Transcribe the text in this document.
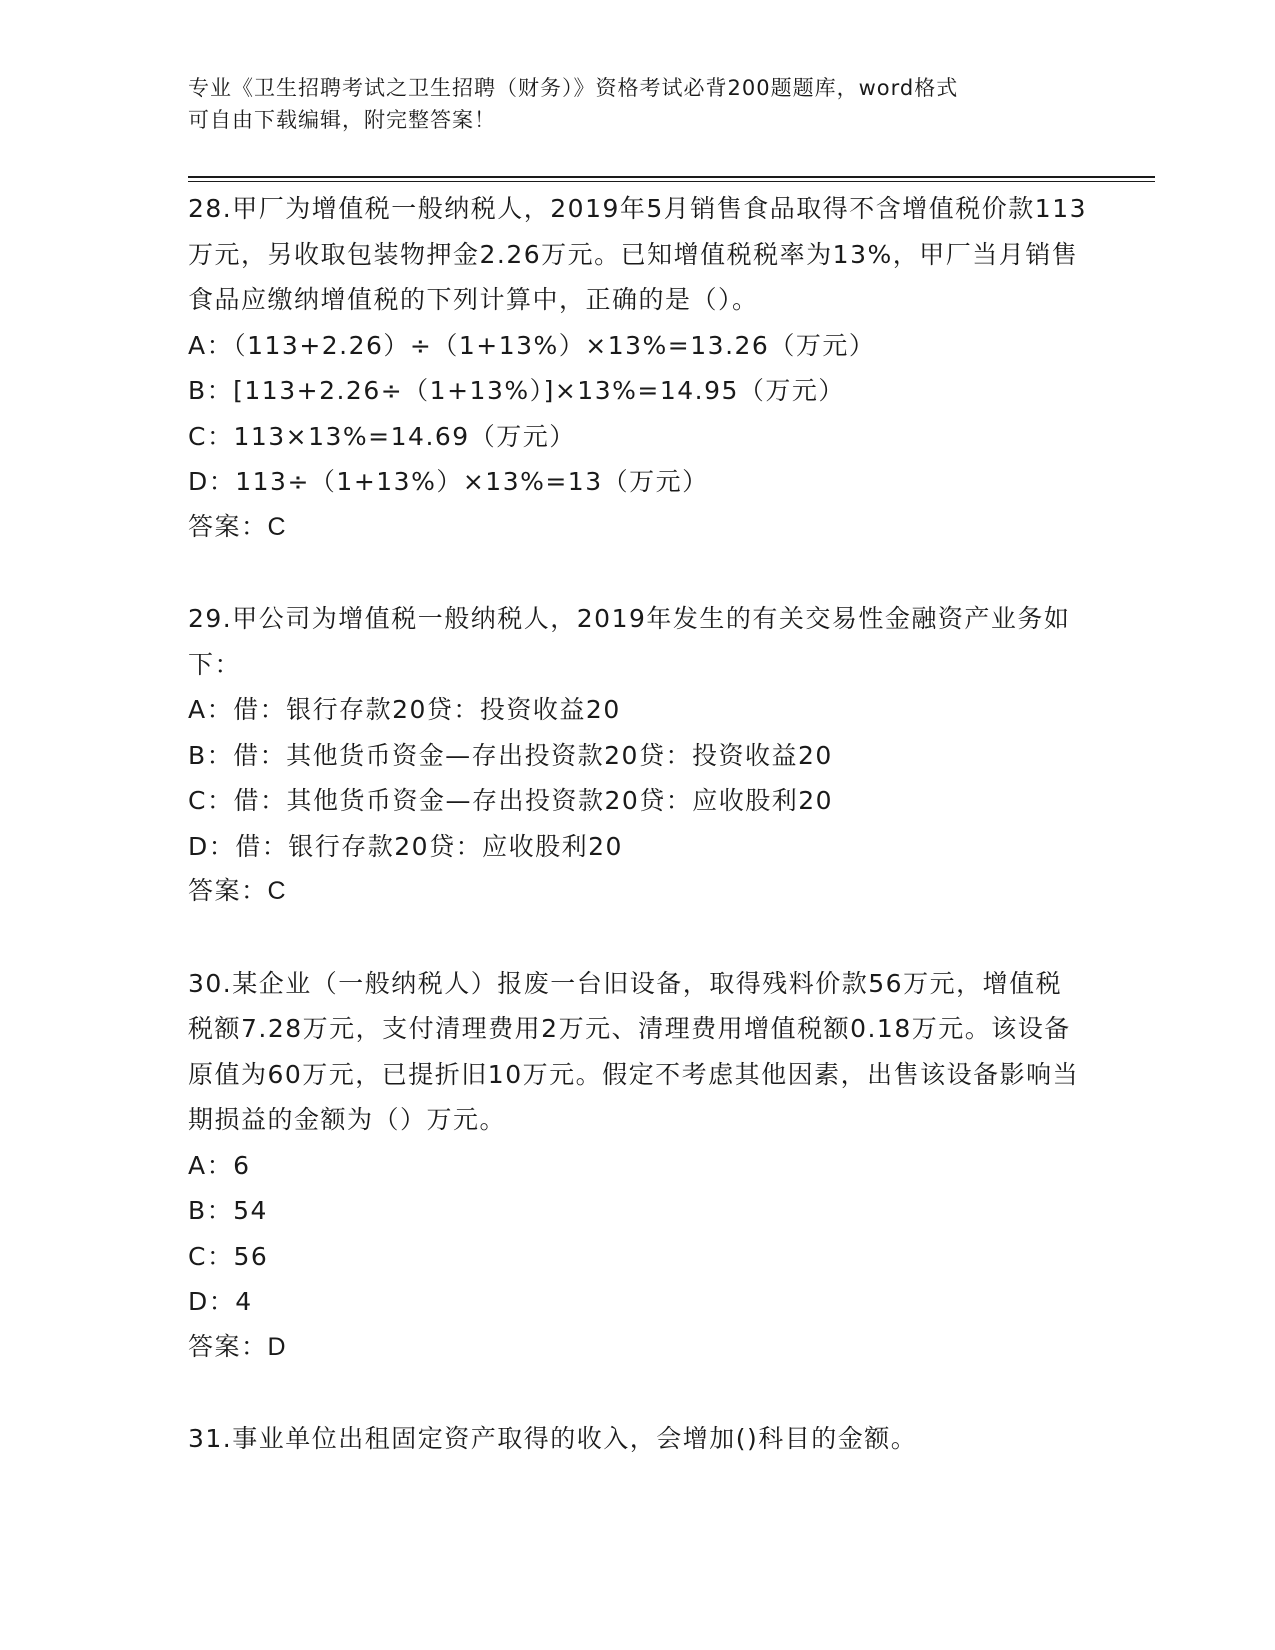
专业《卫生招聘考试之卫生招聘（财务）》资格考试必背200题题库，word格式
可自由下载编辑，附完整答案！

28.甲厂为增值税一般纳税人，2019年5月销售食品取得不含增值税价款113万元，另收取包装物押金2.26万元。已知增值税税率为13%，甲厂当月销售食品应缴纳增值税的下列计算中，正确的是（）。

A：（113+2.26）÷（1+13%）×13%=13.26（万元）
B：[113+2.26÷（1+13%）]×13%=14.95（万元）
C：113×13%=14.69（万元）
D：113÷（1+13%）×13%=13（万元）

答案：C

29.甲公司为增值税一般纳税人，2019年发生的有关交易性金融资产业务如下：

A：借：银行存款20贷：投资收益20
B：借：其他货币资金—存出投资款20贷：投资收益20
C：借：其他货币资金—存出投资款20贷：应收股利20
D：借：银行存款20贷：应收股利20

答案：C

30.某企业（一般纳税人）报废一台旧设备，取得残料价款56万元，增值税税额7.28万元，支付清理费用2万元、清理费用增值税额0.18万元。该设备原值为60万元，已提折旧10万元。假定不考虑其他因素，出售该设备影响当期损益的金额为（）万元。

A：6
B：54
C：56
D：4

答案：D

31.事业单位出租固定资产取得的收入，会增加()科目的金额。
